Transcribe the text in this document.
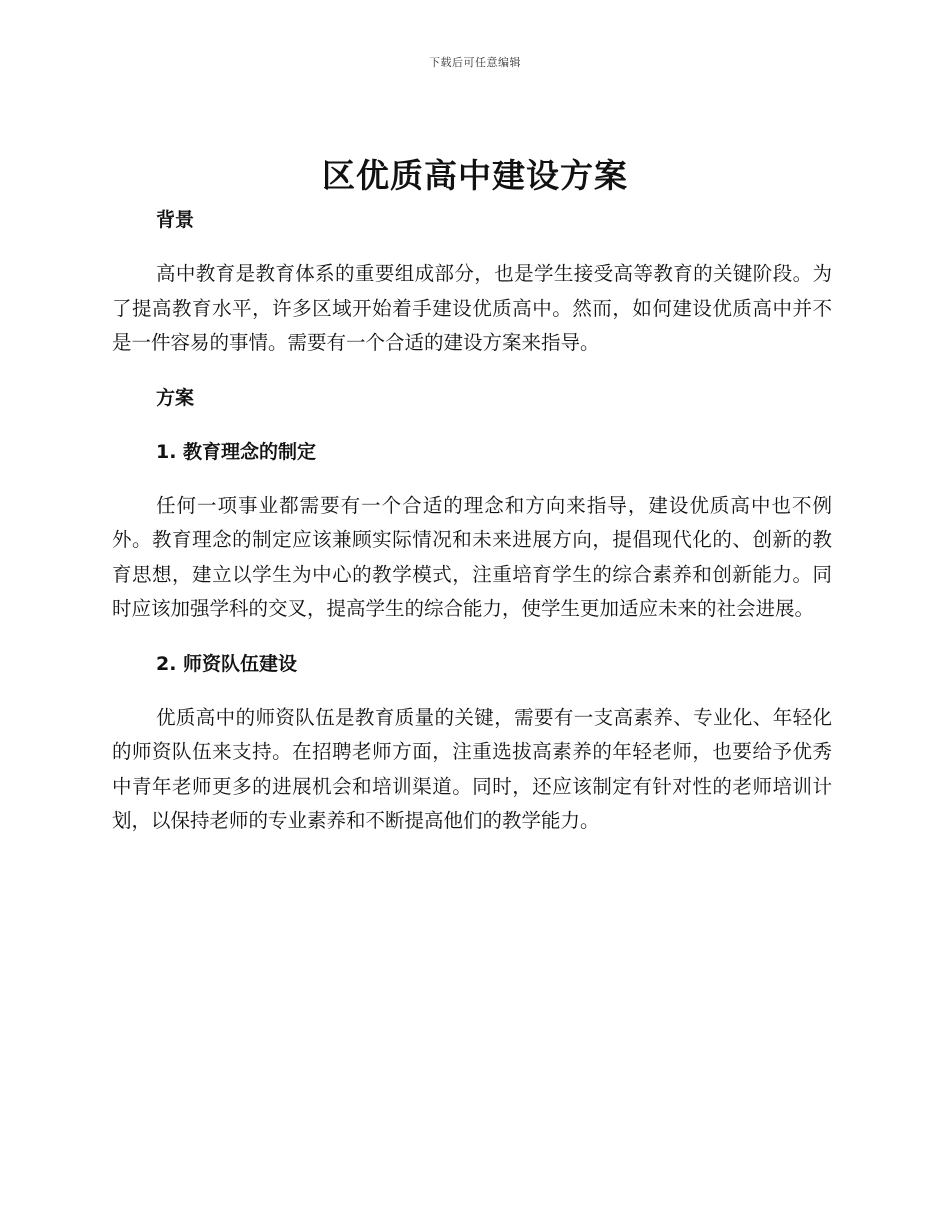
下载后可任意编辑
区优质高中建设方案
背景

高中教育是教育体系的重要组成部分，也是学生接受高等教育的关键阶段。为了提高教育水平，许多区域开始着手建设优质高中。然而，如何建设优质高中并不是一件容易的事情。需要有一个合适的建设方案来指导。

方案
1. 教育理念的制定

任何一项事业都需要有一个合适的理念和方向来指导，建设优质高中也不例外。教育理念的制定应该兼顾实际情况和未来进展方向，提倡现代化的、创新的教育思想，建立以学生为中心的教学模式，注重培育学生的综合素养和创新能力。同时应该加强学科的交叉，提高学生的综合能力，使学生更加适应未来的社会进展。

2. 师资队伍建设

优质高中的师资队伍是教育质量的关键，需要有一支高素养、专业化、年轻化的师资队伍来支持。在招聘老师方面，注重选拔高素养的年轻老师，也要给予优秀中青年老师更多的进展机会和培训渠道。同时，还应该制定有针对性的老师培训计划，以保持老师的专业素养和不断提高他们的教学能力。
